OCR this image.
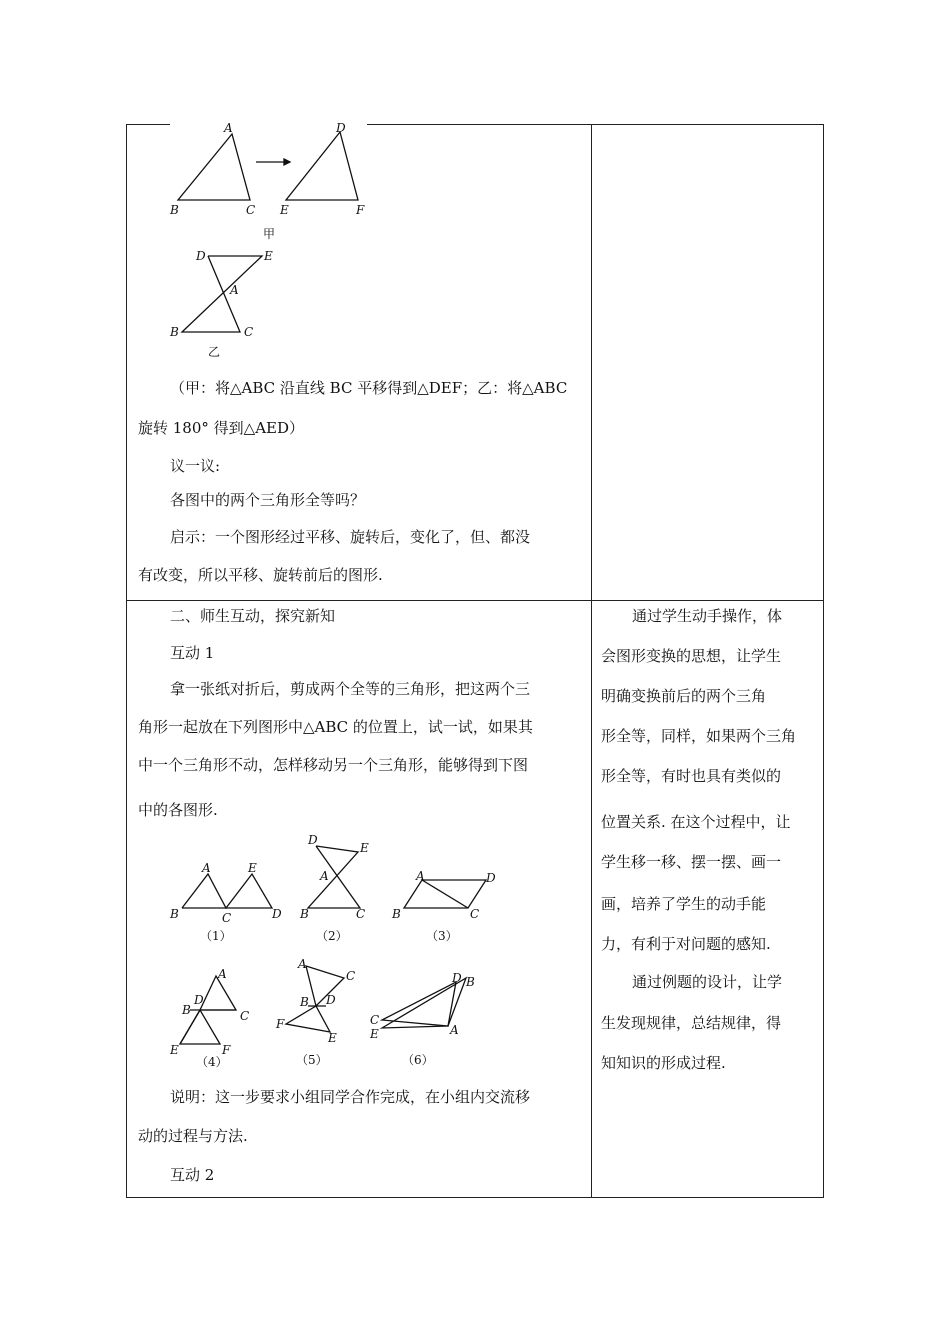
A
B	C
D
E	F
甲
D	E
A
B	C
乙
（甲：将△ABC 沿直线 BC 平移得到△DEF；乙：将△ABC
旋转 180° 得到△AED）
议一议:
各图中的两个三角形全等吗？
启示：一个图形经过平移、旋转后，变化了，但、都没
有改变，所以平移、旋转前后的图形.
二、师生互动，探究新知
互动 1
拿一张纸对折后，剪成两个全等的三角形，把这两个三
角形一起放在下列图形中△ABC 的位置上，试一试，如果其
中一个三角形不动，怎样移动另一个三角形，能够得到下图
中的各图形.
A	E
B	C	D
（1）
D
E
A
B	C
（2）
A	D
B	C
（3）
A
D
B	C
E	F
（4）
A
C
B D
F
E
（5）
D B
C
E	A
（6）
说明：这一步要求小组同学合作完成，在小组内交流移
动的过程与方法.
互动 2
通过学生动手操作，体
会图形变换的思想，让学生
明确变换前后的两个三角
形全等，同样，如果两个三角
形全等，有时也具有类似的
位置关系. 在这个过程中，让
学生移一移、摆一摆、画一
画，培养了学生的动手能
力，有利于对问题的感知.
通过例题的设计，让学
生发现规律，总结规律，得
知知识的形成过程.
